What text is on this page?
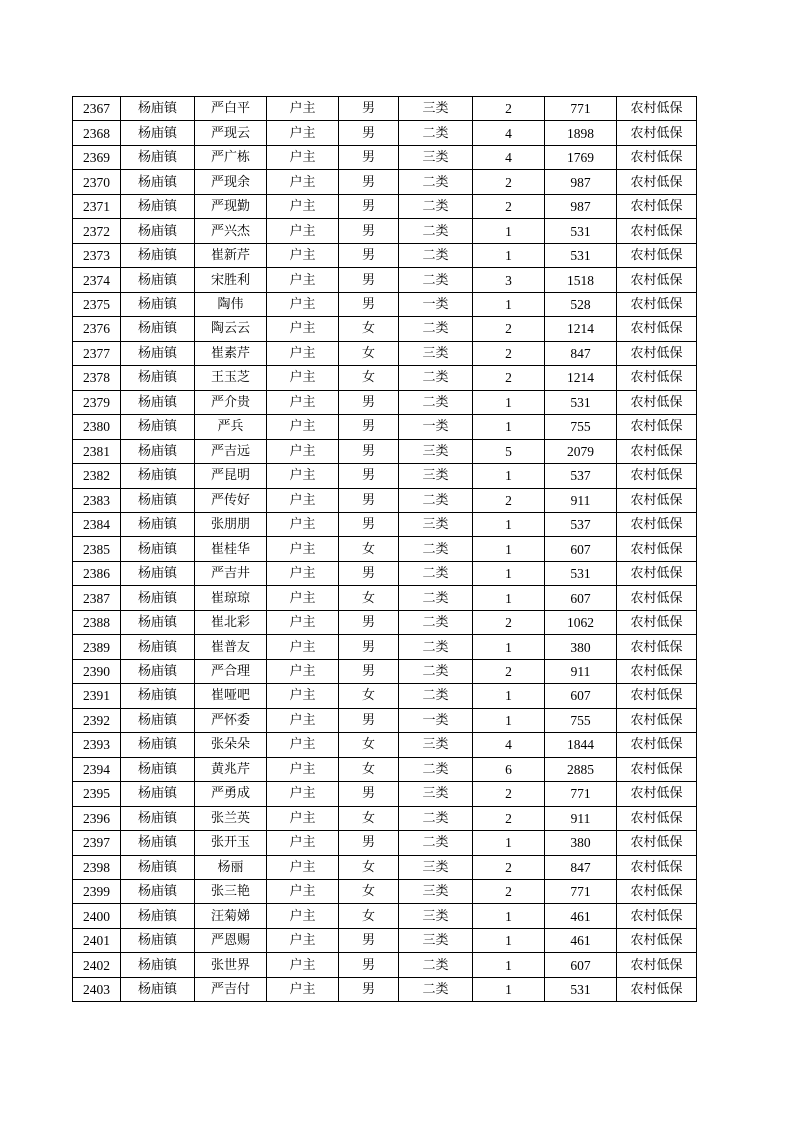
2367	杨庙镇	严白平	户主	男	三类	2	771	农村低保
2368	杨庙镇	严现云	户主	男	二类	4	1898	农村低保
2369	杨庙镇	严广栋	户主	男	三类	4	1769	农村低保
2370	杨庙镇	严现余	户主	男	二类	2	987	农村低保
2371	杨庙镇	严现勤	户主	男	二类	2	987	农村低保
2372	杨庙镇	严兴杰	户主	男	二类	1	531	农村低保
2373	杨庙镇	崔新芹	户主	男	二类	1	531	农村低保
2374	杨庙镇	宋胜利	户主	男	二类	3	1518	农村低保
2375	杨庙镇	陶伟	户主	男	一类	1	528	农村低保
2376	杨庙镇	陶云云	户主	女	二类	2	1214	农村低保
2377	杨庙镇	崔素芹	户主	女	三类	2	847	农村低保
2378	杨庙镇	王玉芝	户主	女	二类	2	1214	农村低保
2379	杨庙镇	严介贵	户主	男	二类	1	531	农村低保
2380	杨庙镇	严兵	户主	男	一类	1	755	农村低保
2381	杨庙镇	严吉远	户主	男	三类	5	2079	农村低保
2382	杨庙镇	严昆明	户主	男	三类	1	537	农村低保
2383	杨庙镇	严传好	户主	男	二类	2	911	农村低保
2384	杨庙镇	张朋朋	户主	男	三类	1	537	农村低保
2385	杨庙镇	崔桂华	户主	女	二类	1	607	农村低保
2386	杨庙镇	严吉井	户主	男	二类	1	531	农村低保
2387	杨庙镇	崔琼琼	户主	女	二类	1	607	农村低保
2388	杨庙镇	崔北彩	户主	男	二类	2	1062	农村低保
2389	杨庙镇	崔普友	户主	男	二类	1	380	农村低保
2390	杨庙镇	严合理	户主	男	二类	2	911	农村低保
2391	杨庙镇	崔哑吧	户主	女	二类	1	607	农村低保
2392	杨庙镇	严怀委	户主	男	一类	1	755	农村低保
2393	杨庙镇	张朵朵	户主	女	三类	4	1844	农村低保
2394	杨庙镇	黄兆芹	户主	女	二类	6	2885	农村低保
2395	杨庙镇	严勇成	户主	男	三类	2	771	农村低保
2396	杨庙镇	张兰英	户主	女	二类	2	911	农村低保
2397	杨庙镇	张开玉	户主	男	二类	1	380	农村低保
2398	杨庙镇	杨丽	户主	女	三类	2	847	农村低保
2399	杨庙镇	张三艳	户主	女	三类	2	771	农村低保
2400	杨庙镇	汪菊娣	户主	女	三类	1	461	农村低保
2401	杨庙镇	严恩赐	户主	男	三类	1	461	农村低保
2402	杨庙镇	张世界	户主	男	二类	1	607	农村低保
2403	杨庙镇	严吉付	户主	男	二类	1	531	农村低保
